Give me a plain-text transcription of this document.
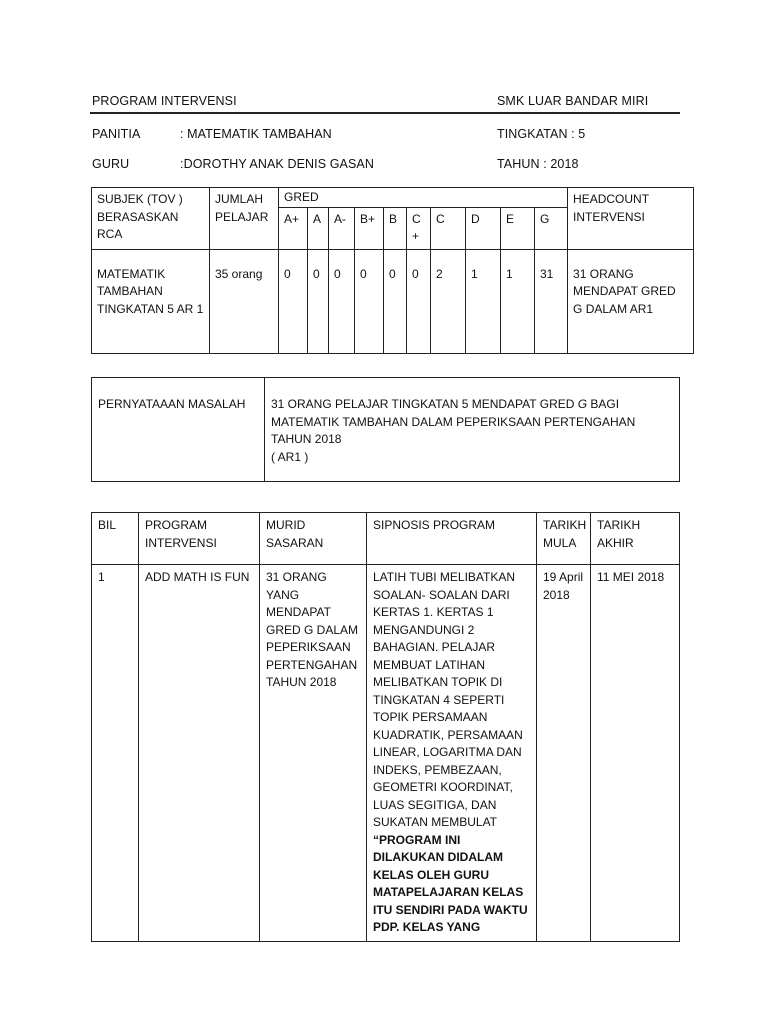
PROGRAM INTERVENSI	SMK LUAR BANDAR MIRI
PANITIA	: MATEMATIK TAMBAHAN	TINGKATAN : 5
GURU	:DOROTHY ANAK DENIS GASAN	TAHUN : 2018
SUBJEK (TOV ) BERASASKAN RCA	JUMLAH PELAJAR	GRED										HEADCOUNT INTERVENSI
		A+	A	A-	B+	B	C +	C	D	E	G	
MATEMATIK TAMBAHAN TINGKATAN 5 AR 1	35 orang	0	0	0	0	0	0	2	1	1	31	31 ORANG MENDAPAT GRED G DALAM AR1
PERNYATAAAN MASALAH	31 ORANG PELAJAR TINGKATAN 5 MENDAPAT GRED G BAGI MATEMATIK TAMBAHAN DALAM PEPERIKSAAN PERTENGAHAN TAHUN 2018
( AR1 )
BIL	PROGRAM INTERVENSI	MURID SASARAN	SIPNOSIS PROGRAM	TARIKH MULA	TARIKH AKHIR
1	ADD MATH IS FUN	31 ORANG YANG MENDAPAT GRED G DALAM PEPERIKSAAN PERTENGAHAN TAHUN 2018	LATIH TUBI MELIBATKAN SOALAN- SOALAN DARI KERTAS 1. KERTAS 1 MENGANDUNGI 2 BAHAGIAN. PELAJAR MEMBUAT LATIHAN MELIBATKAN TOPIK DI TINGKATAN 4 SEPERTI TOPIK PERSAMAAN KUADRATIK, PERSAMAAN LINEAR, LOGARITMA DAN INDEKS, PEMBEZAAN, GEOMETRI KOORDINAT, LUAS SEGITIGA, DAN SUKATAN MEMBULAT “PROGRAM INI DILAKUKAN DIDALAM KELAS OLEH GURU MATAPELAJARAN KELAS ITU SENDIRI PADA WAKTU PDP. KELAS YANG	19 April 2018	11 MEI 2018
